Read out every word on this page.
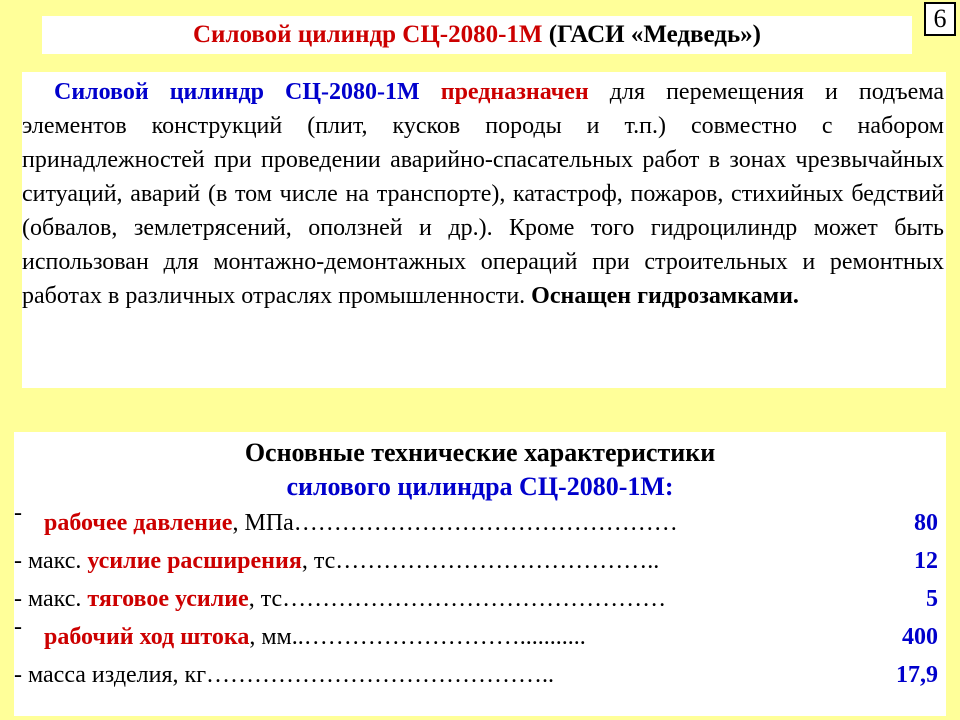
6
Силовой цилиндр СЦ-2080-1М (ГАСИ «Медведь»)

Силовой цилиндр СЦ-2080-1М предназначен для перемещения и подъема элементов конструкций (плит, кусков породы и т.п.) совместно с набором принадлежностей при проведении аварийно-спасательных работ в зонах чрезвычайных ситуаций, аварий (в том числе на транспорте), катастроф, пожаров, стихийных бедствий (обвалов, землетрясений, оползней и др.). Кроме того гидроцилиндр может быть использован для монтажно-демонтажных операций при строительных и ремонтных работах в различных отраслях промышленности. Оснащен гидрозамками.

Основные технические характеристики
силового цилиндра СЦ-2080-1М:
- рабочее давление, МПа …………………………………………	80
- макс. усилие расширения, тс …………………………………..	12
- макс. тяговое усилие, тс …………………………………………	5
- рабочий ход штока, мм. .………………………...........	400
- масса изделия, кг ……………………………………..	17,9
